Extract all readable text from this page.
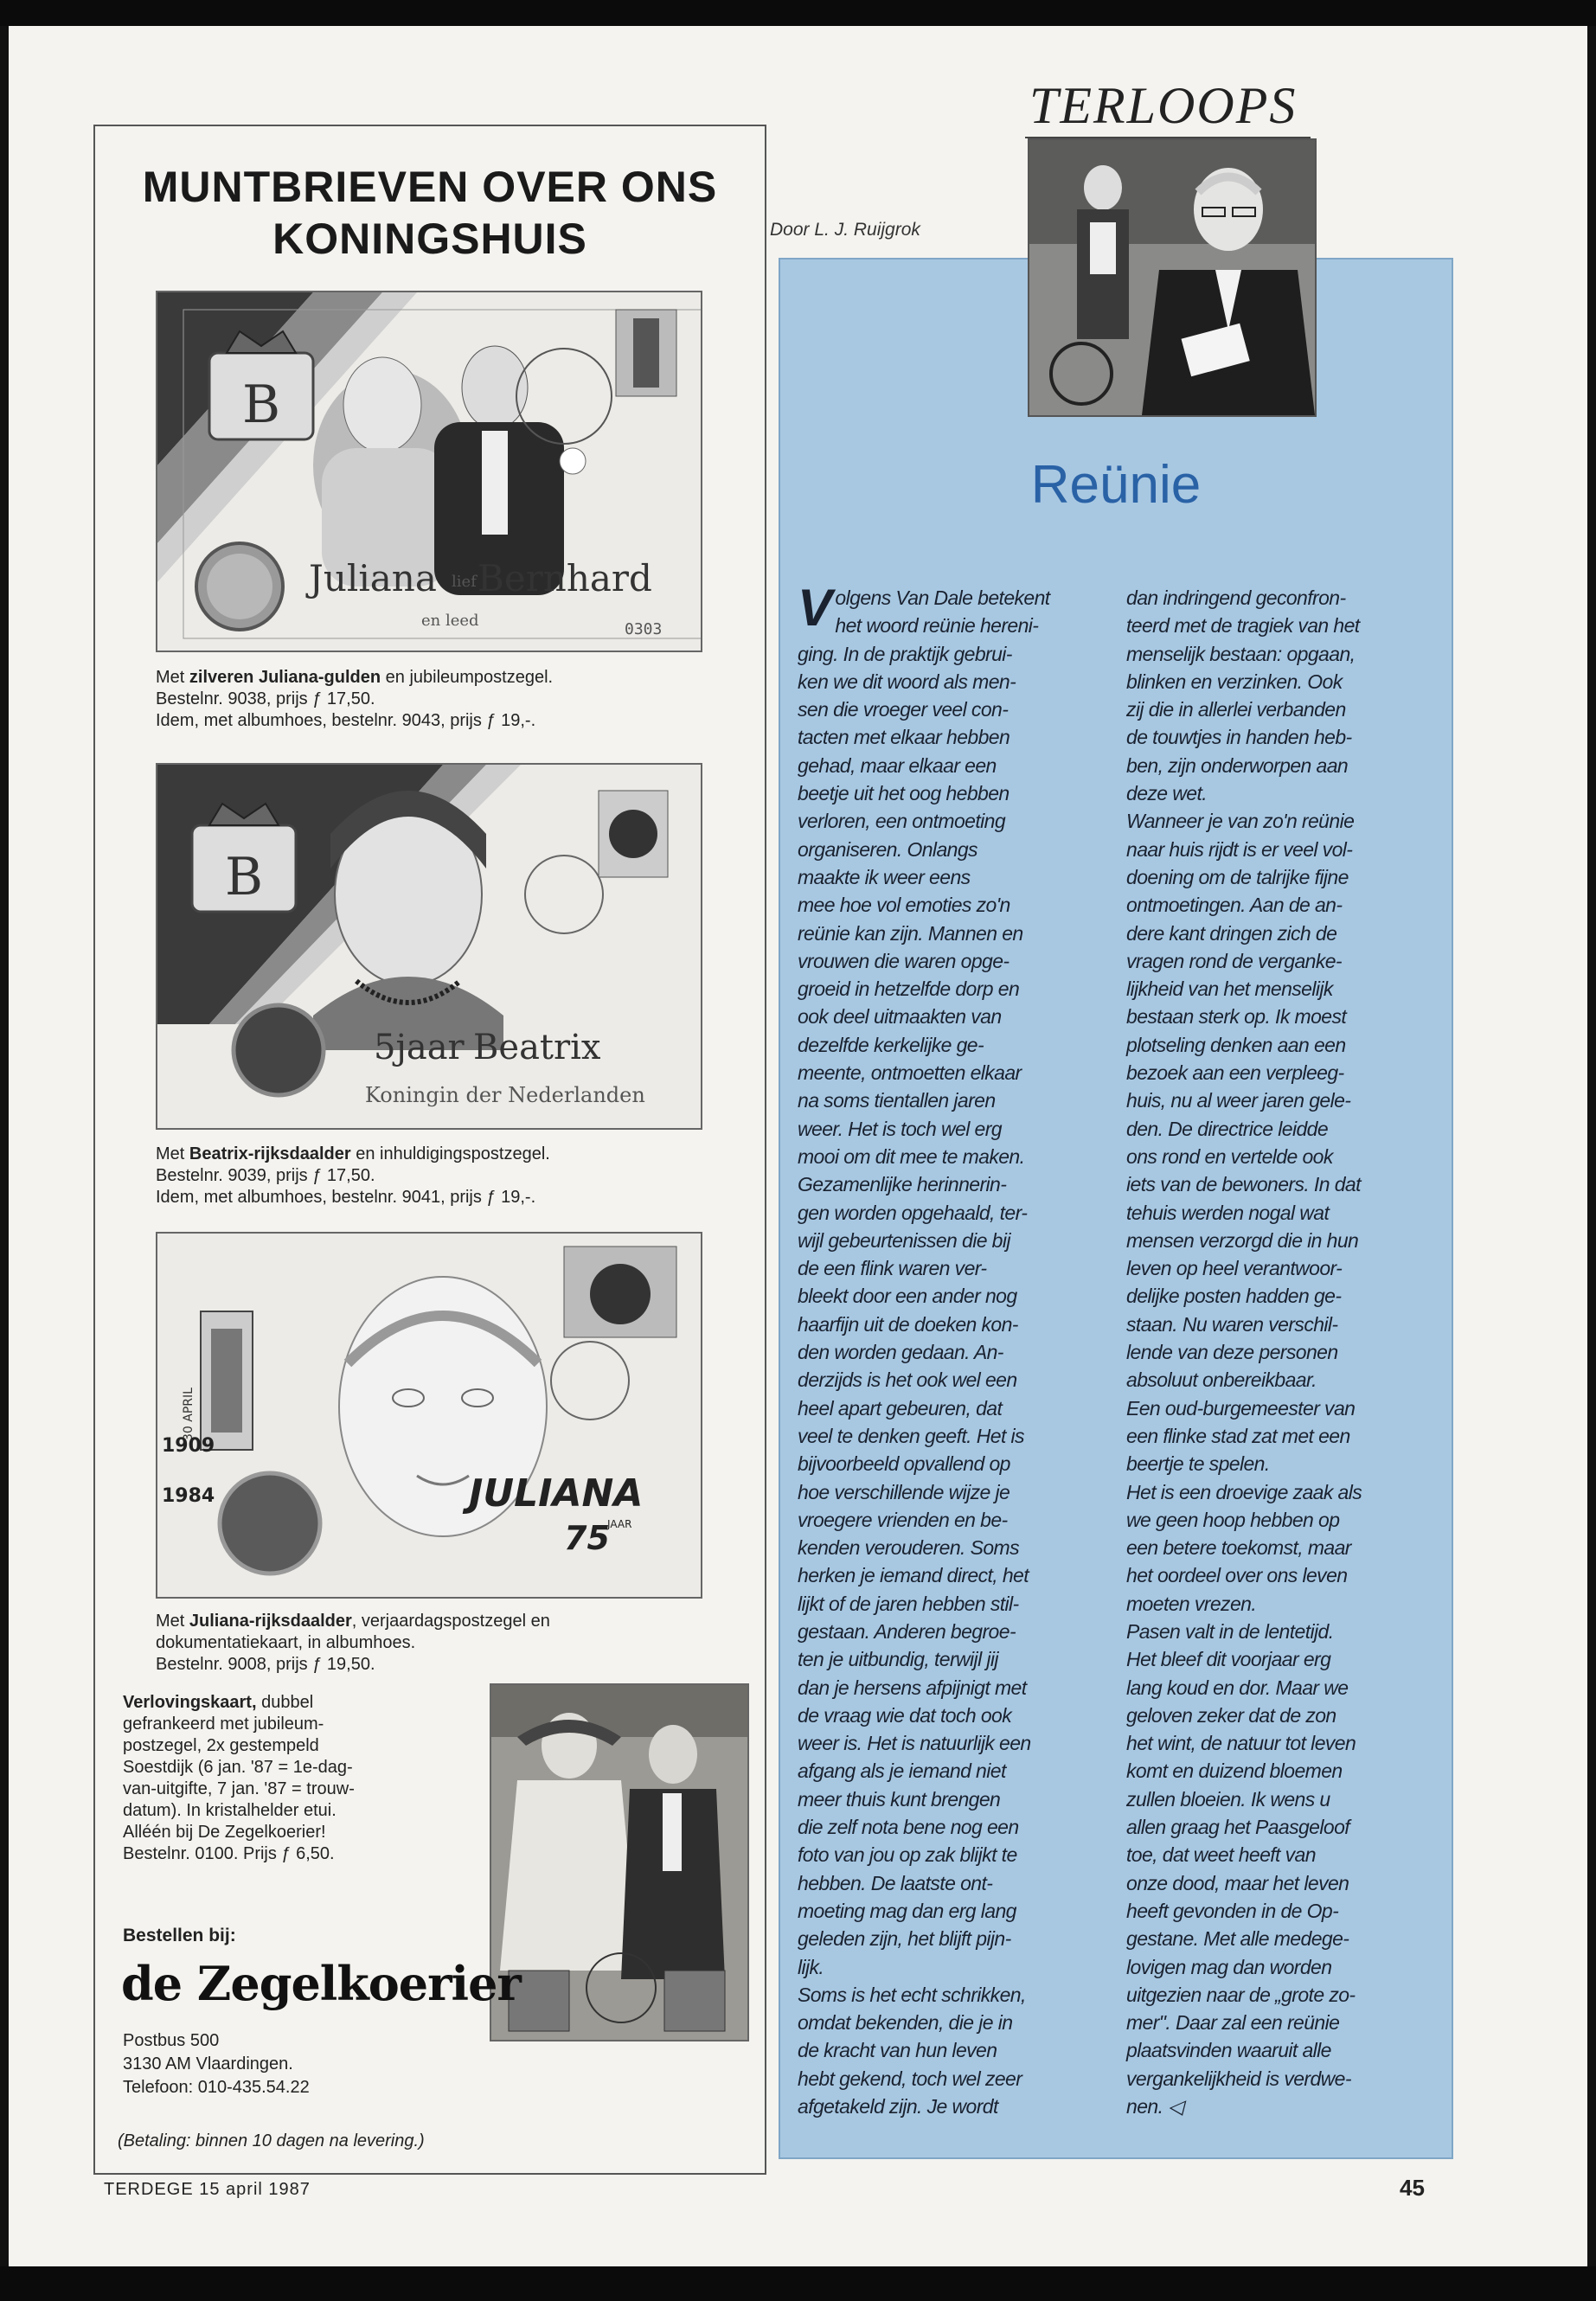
MUNTBRIEVEN OVER ONS
KONINGSHUIS
B
Juliana lief Bernhard
en leed	0303

Met zilveren Juliana-gulden en jubileumpostzegel.

Bestelnr. 9038, prijs ƒ 17,50.

Idem, met albumhoes, bestelnr. 9043, prijs ƒ 19,-.

B
5jaar Beatrix
Koningin der Nederlanden

Met Beatrix-rijksdaalder en inhuldigingspostzegel.

Bestelnr. 9039, prijs ƒ 17,50.

Idem, met albumhoes, bestelnr. 9041, prijs ƒ 19,-.

30 APRIL
1909
1984	JULIANA
75
JAAR

Met Juliana-rijksdaalder, verjaardagspostzegel en

dokumentatiekaart, in albumhoes.

Bestelnr. 9008, prijs ƒ 19,50.

Verlovingskaart, dubbel

gefrankeerd met jubileum-

postzegel, 2x gestempeld

Soestdijk (6 jan. '87 = 1e-dag-

van-uitgifte, 7 jan. '87 = trouw-

datum). In kristalhelder etui.

Alléén bij De Zegelkoerier!

Bestelnr. 0100. Prijs ƒ 6,50.

Bestellen bij:
de Zegelkoerier

Postbus 500

3130 AM Vlaardingen.

Telefoon: 010-435.54.22

(Betaling: binnen 10 dagen na levering.)
TERLOOPS
Door L. J. Ruijgrok
Reünie
V olgens Van Dale betekent

het woord reünie hereni-

ging. In de praktijk gebrui-

ken we dit woord als men-

sen die vroeger veel con-

tacten met elkaar hebben

gehad, maar elkaar een

beetje uit het oog hebben

verloren, een ontmoeting

organiseren. Onlangs

maakte ik weer eens

mee hoe vol emoties zo'n

reünie kan zijn. Mannen en

vrouwen die waren opge-

groeid in hetzelfde dorp en

ook deel uitmaakten van

dezelfde kerkelijke ge-

meente, ontmoetten elkaar

na soms tientallen jaren

weer. Het is toch wel erg

mooi om dit mee te maken.

Gezamenlijke herinnerin-

gen worden opgehaald, ter-

wijl gebeurtenissen die bij

de een flink waren ver-

bleekt door een ander nog

haarfijn uit de doeken kon-

den worden gedaan. An-

derzijds is het ook wel een

heel apart gebeuren, dat

veel te denken geeft. Het is

bijvoorbeeld opvallend op

hoe verschillende wijze je

vroegere vrienden en be-

kenden verouderen. Soms

herken je iemand direct, het

lijkt of de jaren hebben stil-

gestaan. Anderen begroe-

ten je uitbundig, terwijl jij

dan je hersens afpijnigt met

de vraag wie dat toch ook

weer is. Het is natuurlijk een

afgang als je iemand niet

meer thuis kunt brengen

die zelf nota bene nog een

foto van jou op zak blijkt te

hebben. De laatste ont-

moeting mag dan erg lang

geleden zijn, het blijft pijn-

lijk.

Soms is het echt schrikken,

omdat bekenden, die je in

de kracht van hun leven

hebt gekend, toch wel zeer

afgetakeld zijn. Je wordt

dan indringend geconfron-

teerd met de tragiek van het

menselijk bestaan: opgaan,

blinken en verzinken. Ook

zij die in allerlei verbanden

de touwtjes in handen heb-

ben, zijn onderworpen aan

deze wet.

Wanneer je van zo'n reünie

naar huis rijdt is er veel vol-

doening om de talrijke fijne

ontmoetingen. Aan de an-

dere kant dringen zich de

vragen rond de verganke-

lijkheid van het menselijk

bestaan sterk op. Ik moest

plotseling denken aan een

bezoek aan een verpleeg-

huis, nu al weer jaren gele-

den. De directrice leidde

ons rond en vertelde ook

iets van de bewoners. In dat

tehuis werden nogal wat

mensen verzorgd die in hun

leven op heel verantwoor-

delijke posten hadden ge-

staan. Nu waren verschil-

lende van deze personen

absoluut onbereikbaar.

Een oud-burgemeester van

een flinke stad zat met een

beertje te spelen.

Het is een droevige zaak als

we geen hoop hebben op

een betere toekomst, maar

het oordeel over ons leven

moeten vrezen.

Pasen valt in de lentetijd.

Het bleef dit voorjaar erg

lang koud en dor. Maar we

geloven zeker dat de zon

het wint, de natuur tot leven

komt en duizend bloemen

zullen bloeien. Ik wens u

allen graag het Paasgeloof

toe, dat weet heeft van

onze dood, maar het leven

heeft gevonden in de Op-

gestane. Met alle medege-

lovigen mag dan worden

uitgezien naar de „grote zo-

mer". Daar zal een reünie

plaatsvinden waaruit alle

vergankelijkheid is verdwe-

nen. ◁

TERDEGE 15 april 1987	45
